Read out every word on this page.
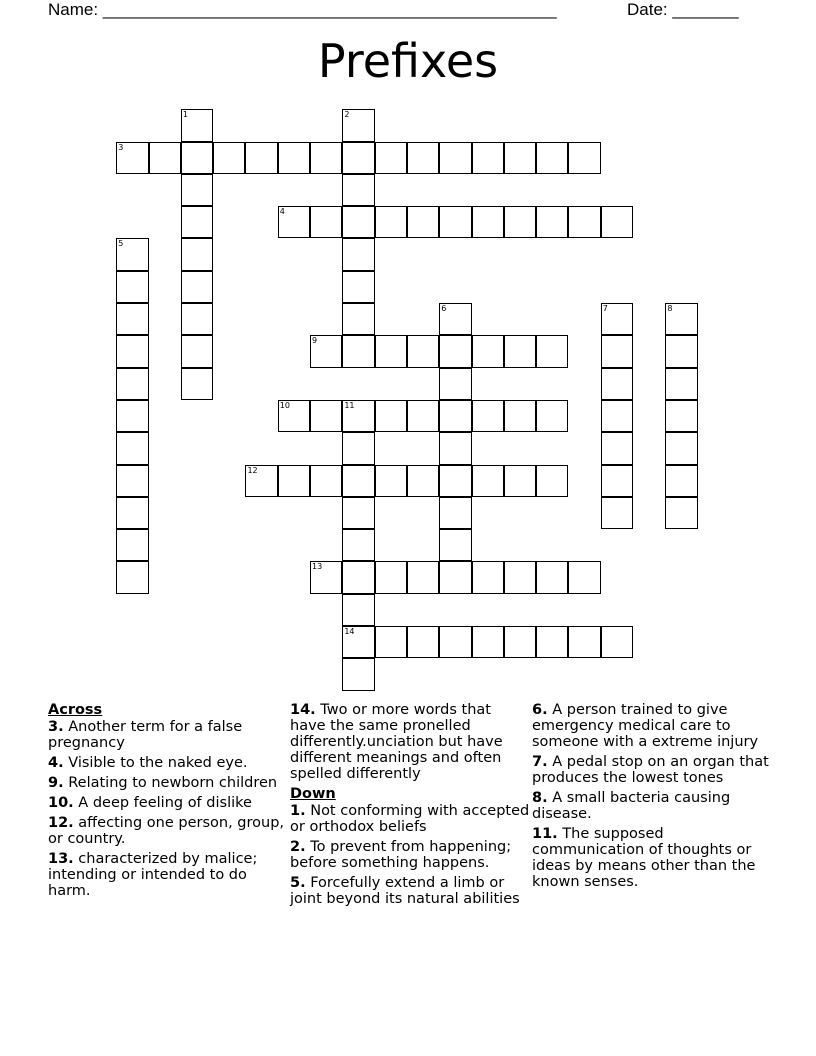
Name: ________________________________________________	Date: _______
Prefixes
1	2
3
4
5
6	7	8
9
10	11
14
12
13
Across
3. Another term for a false pregnancy
4. Visible to the naked eye.
9. Relating to newborn children
10. A deep feeling of dislike
12. affecting one person, group, or country.
13. characterized by malice; intending or intended to do harm.
14. Two or more words that have the same pronelled differently.unciation but have different meanings and often spelled differently
Down
1. Not conforming with accepted or orthodox beliefs
2. To prevent from happening; before something happens.
5. Forcefully extend a limb or joint beyond its natural abilities
6. A person trained to give emergency medical care to someone with a extreme injury
7. A pedal stop on an organ that produces the lowest tones
8. A small bacteria causing disease.
11. The supposed communication of thoughts or ideas by means other than the known senses.
